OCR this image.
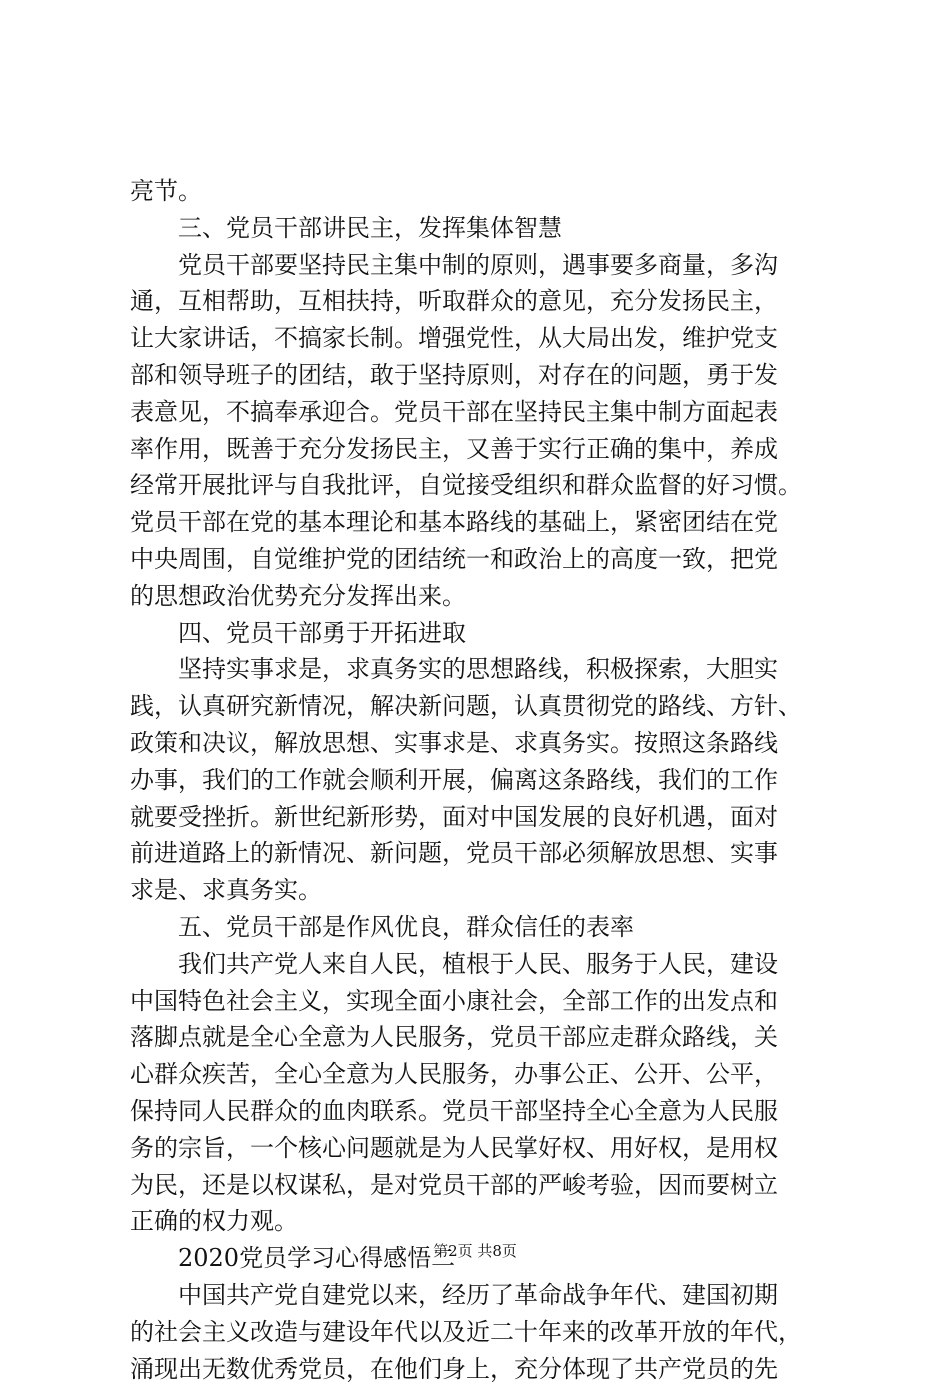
亮节。
三、党员干部讲民主，发挥集体智慧
党员干部要坚持民主集中制的原则，遇事要多商量，多沟
通，互相帮助，互相扶持，听取群众的意见，充分发扬民主，
让大家讲话，不搞家长制。增强党性，从大局出发，维护党支
部和领导班子的团结，敢于坚持原则，对存在的问题，勇于发
表意见，不搞奉承迎合。党员干部在坚持民主集中制方面起表
率作用，既善于充分发扬民主，又善于实行正确的集中，养成
经常开展批评与自我批评，自觉接受组织和群众监督的好习惯。
党员干部在党的基本理论和基本路线的基础上，紧密团结在党
中央周围，自觉维护党的团结统一和政治上的高度一致，把党
的思想政治优势充分发挥出来。
四、党员干部勇于开拓进取
坚持实事求是，求真务实的思想路线，积极探索，大胆实
践，认真研究新情况，解决新问题，认真贯彻党的路线、方针、
政策和决议，解放思想、实事求是、求真务实。按照这条路线
办事，我们的工作就会顺利开展，偏离这条路线，我们的工作
就要受挫折。新世纪新形势，面对中国发展的良好机遇，面对
前进道路上的新情况、新问题，党员干部必须解放思想、实事
求是、求真务实。
五、党员干部是作风优良，群众信任的表率
我们共产党人来自人民，植根于人民、服务于人民，建设
中国特色社会主义，实现全面小康社会，全部工作的出发点和
落脚点就是全心全意为人民服务，党员干部应走群众路线，关
心群众疾苦，全心全意为人民服务，办事公正、公开、公平，
保持同人民群众的血肉联系。党员干部坚持全心全意为人民服
务的宗旨，一个核心问题就是为人民掌好权、用好权，是用权
为民，还是以权谋私，是对党员干部的严峻考验，因而要树立
正确的权力观。
2020党员学习心得感悟二
中国共产党自建党以来，经历了革命战争年代、建国初期
的社会主义改造与建设年代以及近二十年来的改革开放的年代，
涌现出无数优秀党员，在他们身上，充分体现了共产党员的先
第2页 共8页
